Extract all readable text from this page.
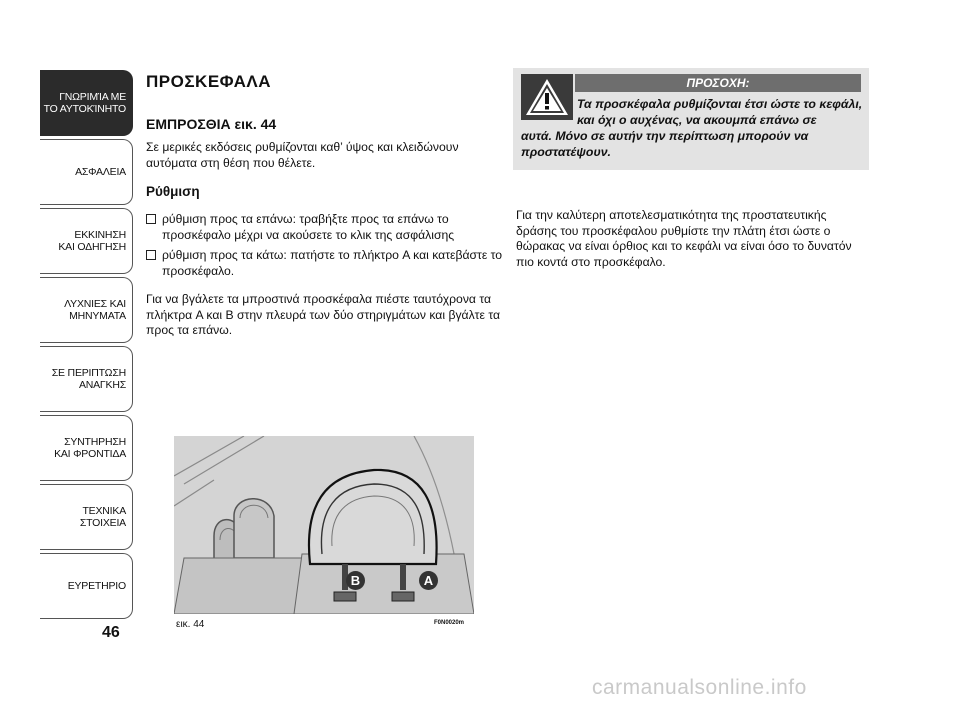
ΓΝΩΡΙΜΊΑ ΜΕ
ΤΟ ΑΥΤΟΚΊΝΗΤΟ
ΑΣΦΑΛΕΙΑ
ΕΚΚΙΝΗΣΗ
ΚΑΙ ΟΔΗΓΗΣΗ
ΛΥΧΝΙΕΣ ΚΑΙ
ΜΗΝΥΜΑΤΑ
ΣΕ ΠΕΡΙΠΤΩΣΗ
ΑΝΑΓΚΗΣ
ΣΥΝΤΗΡΗΣΗ
ΚΑΙ ΦΡΟΝΤΙΔΑ
ΤΕΧΝΙΚΑ
ΣΤΟΙΧΕΙΑ
ΕΥΡΕΤΗΡΙΟ
46
ΠΡΟΣΚΕΦΑΛΑ
ΕΜΠΡΟΣΘΙΑ εικ. 44
Σε μερικές εκδόσεις ρυθμίζονται καθ’ ύψος και κλειδώνουν αυτόματα στη θέση που θέλετε.
Ρύθμιση
ρύθμιση προς τα επάνω: τραβήξτε προς τα επάνω το προσκέφαλο μέχρι να ακούσετε το κλικ της ασφάλισης
ρύθμιση προς τα κάτω: πατήστε το πλήκτρο A και κατεβάστε το προσκέφαλο.
Για να βγάλετε τα μπροστινά προσκέφαλα πιέστε ταυτόχρονα τα πλήκτρα A και B στην πλευρά των δύο στηριγμάτων και βγάλτε τα προς τα επάνω.
ΠΡΟΣΟΧΗ:
Τα προσκέφαλα ρυθμίζονται έτσι ώστε το κεφάλι, και όχι ο αυχένας, να ακουμπά επάνω σε
αυτά. Μόνο σε αυτήν την περίπτωση μπορούν να προστατέψουν.
Για την καλύτερη αποτελεσματικότητα της προστατευτικής δράσης του προσκέφαλου ρυθμίστε την πλάτη έτσι ώστε ο θώρακας να είναι όρθιος και το κεφάλι να είναι όσο το δυνατόν πιο κοντά στο προσκέφαλο.
B	A
εικ. 44	F0N0020m
carmanualsonline.info
